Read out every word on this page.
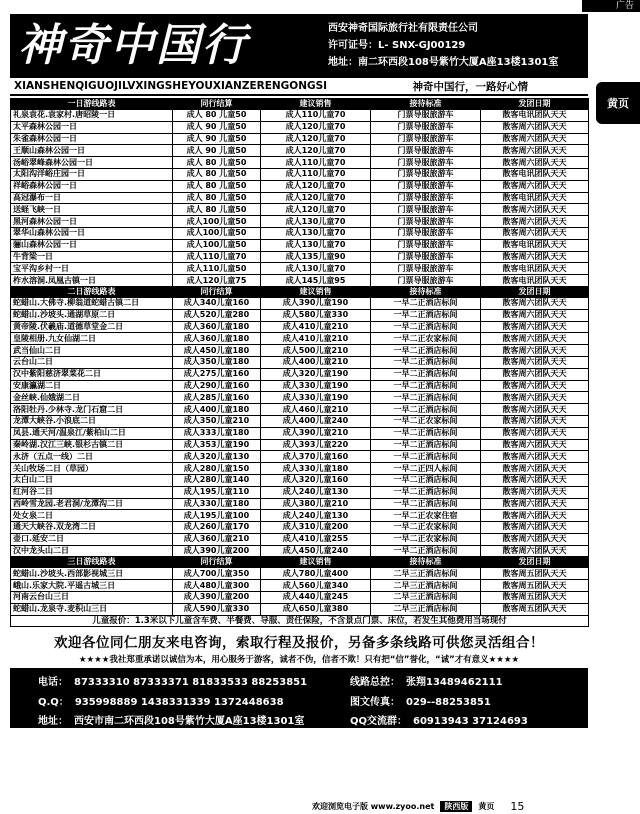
广告
黄页
神奇中国行	西安神奇国际旅行社有限责任公司
许可证号：L- SNX-GJ00129
地址：南二环西段108号紫竹大厦A座13楼1301室
XIANSHENQIGUOJILVXINGSHEYOUXIANZERENGONGSI	神奇中国行，一路好心情
一日游线路表	同行结算	建议销售	接待标准	发团日期
礼泉袁花.袁家村.唐昭陵一日	成人 80 儿童50	成人110儿童70	门票导服旅游车	散客电讯团队天天
太平森林公园一日	成人 90 儿童50	成人120儿童70	门票导服旅游车	散客周六团队天天
朱雀森林公园一日	成人 90 儿童50	成人120儿童70	门票导服旅游车	散客周六团队天天
王顺山森林公园一日	成人 90 儿童50	成人120儿童70	门票导服旅游车	散客周六团队天天
汤峪翠峰森林公园一日	成人 80 儿童50	成人110儿童70	门票导服旅游车	散客周六团队天天
太阳沟洋峪庄园一日	成人 80 儿童50	成人110儿童70	门票导服旅游车	散客电讯团队天天
祥峪森林公园一日	成人 80 儿童50	成人120儿童70	门票导服旅游车	散客周六团队天天
高冠瀑布一日	成人 80 儿童50	成人120儿童70	门票导服旅游车	散客电讯团队天天
送蛏飞峡一日	成人 80 儿童50	成人120儿童70	门票导服旅游车	散客周六团队天天
黑河森林公园一日	成人100儿童50	成人130儿童70	门票导服旅游车	散客周六团队天天
翠华山森林公园一日	成人100儿童50	成人130儿童70	门票导服旅游车	散客周六团队天天
骊山森林公园一日	成人100儿童50	成人130儿童70	门票导服旅游车	散客电讯团队天天
牛背梁一日	成人110儿童70	成人135儿童90	门票导服旅游车	散客周六团队天天
宝平沟乡村一日	成人110儿童50	成人130儿童70	门票导服旅游车	散客电讯团队天天
柞水溶洞.凤凰古镇一日	成人120儿童75	成人145儿童95	门票导服旅游车	散客电讯团队天天
二日游线路表	同行结算	建议销售	接待标准	发团日期
蛇蜡山.大佛寺.柳翁道蛇蜡古镇二日	成人340儿童160	成人390儿童190	一早二正酒店标间	散客周六团队天天
蛇蜡山.沙坡头.通湖草原二日	成人520儿童280	成人580儿童330	一早二正酒店标间	散客周六团队天天
黄帝陵.伏羲庙.道德草堂金二日	成人360儿童180	成人410儿童210	一早二正酒店标间	散客周六团队天天
皇陵相册.九女仙湖二日	成人360儿童180	成人410儿童210	一早二正农家标间	散客周六团队天天
武当仙山二日	成人450儿童180	成人500儿童210	一早二正酒店标间	散客周六团队天天
云台山二日	成人350儿童180	成人400儿童210	一早二正酒店标间	散客周六团队天天
汉中紫阳慈济翠菜花二日	成人275儿童160	成人320儿童190	一早二正酒店标间	散客周六团队天天
安康瀛湖二日	成人290儿童160	成人330儿童190	一早二正酒店标间	散客周六团队天天
金丝峡.仙娥湖二日	成人285儿童160	成人330儿童190	一早二正酒店标间	散客周六团队天天
洛阳牡丹.少林寺.龙门石窟二日	成人400儿童180	成人460儿童210	一早二正酒店标间	散客周六团队天天
龙潭大峡谷.小浪底二日	成人350儿童210	成人400儿童240	一早二正农家标间	散客周六团队天天
凤县.通天河/温泉江/紫柏山二日	成人333儿童180	成人390儿童210	一早二正酒店标间	散客周六团队天天
秦岭湖.汉江三峡.银杉古镇二日	成人353儿童190	成人393儿童220	一早二正酒店标间	散客周六团队天天
永济（五点一线）二日	成人320儿童130	成人370儿童160	一早二正酒店标间	散客周六团队天天
关山牧场二日（草园）	成人280儿童150	成人330儿童180	一早二正四人标间	散客周六团队天天
太白山二日	成人280儿童140	成人320儿童160	一早二正酒店标间	散客周六团队天天
红河谷二日	成人195儿童110	成人240儿童130	一早二正酒店标间	散客周六团队天天
西岭雪龙园.老君洞/龙潭沟二日	成人330儿童180	成人380儿童210	一早二正酒店标间	散客周六团队天天
处女泉二日	成人195儿童100	成人240儿童130	一早二正农家住宿	散客周六团队天天
通天大峡谷.双龙湾二日	成人260儿童170	成人310儿童200	一早二正农家标间	散客周六团队天天
壶口.延安二日	成人360儿童210	成人410儿童255	一早二正农家标间	散客周六团队天天
汉中龙头山二日	成人390儿童200	成人450儿童240	一早二正酒店标间	散客周六团队天天
三日游线路表	同行结算	建议销售	接待标准	发团日期
蛇蜡山.沙坡头.西部影视城三日	成人700儿童350	成人780儿童400	二早三正酒店标间	散客周五团队天天
峨山.乐家大院.平遥古城三日	成人480儿童300	成人560儿童340	二早三正酒店标间	散客周五团队天天
河南云台山三日	成人390儿童200	成人440儿童245	二早三正酒店标间	散客周五团队天天
蛇蜡山.龙泉寺.麦积山三日	成人590儿童330	成人650儿童380	二早三正酒店标间	散客周五团队天天
儿童报价：1.3米以下儿童含车费、半餐费、导服、责任保险，不含景点门票、床位，若发生其他费用当场现付				
欢迎各位同仁朋友来电咨询，索取行程及报价，另备多条线路可供您灵活组合！
★★★★我社郑重承诺以诚信为本，用心服务于游客，诚者不伪，信者不欺！只有把“信”誉化，“诚”才有意义★★★★
电话： 87333310 87333371 81833533 88253851	线路总控： 张翔13489462111
Q.Q： 935998889 1438331339 1372448638	图文传真： 029--88253851
地址： 西安市南二环西段108号紫竹大厦A座13楼1301室	QQ交流群： 60913943 37124693
欢迎浏览电子版 www.zyoo.net	陕西版	黄页 15
